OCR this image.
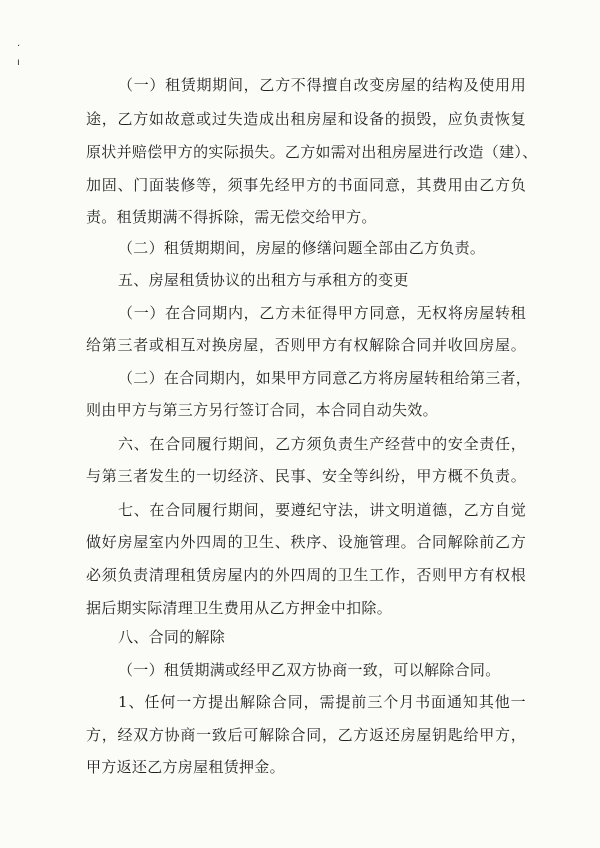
·
ı
（一）租赁期期间，乙方不得擅自改变房屋的结构及使用用
途，乙方如故意或过失造成出租房屋和设备的损毁，应负责恢复
原状并赔偿甲方的实际损失。乙方如需对出租房屋进行改造（建）、
加固、门面装修等，须事先经甲方的书面同意，其费用由乙方负
责。租赁期满不得拆除，需无偿交给甲方。
（二）租赁期期间，房屋的修缮问题全部由乙方负责。
五、房屋租赁协议的出租方与承租方的变更
（一）在合同期内，乙方未征得甲方同意，无权将房屋转租
给第三者或相互对换房屋，否则甲方有权解除合同并收回房屋。
（二）在合同期内，如果甲方同意乙方将房屋转租给第三者，
则由甲方与第三方另行签订合同，本合同自动失效。
六、在合同履行期间，乙方须负责生产经营中的安全责任，
与第三者发生的一切经济、民事、安全等纠纷，甲方概不负责。
七、在合同履行期间，要遵纪守法，讲文明道德，乙方自觉
做好房屋室内外四周的卫生、秩序、设施管理。合同解除前乙方
必须负责清理租赁房屋内的外四周的卫生工作，否则甲方有权根
据后期实际清理卫生费用从乙方押金中扣除。
八、合同的解除
（一）租赁期满或经甲乙双方协商一致，可以解除合同。
1、任何一方提出解除合同，需提前三个月书面通知其他一
方，经双方协商一致后可解除合同，乙方返还房屋钥匙给甲方，
甲方返还乙方房屋租赁押金。
